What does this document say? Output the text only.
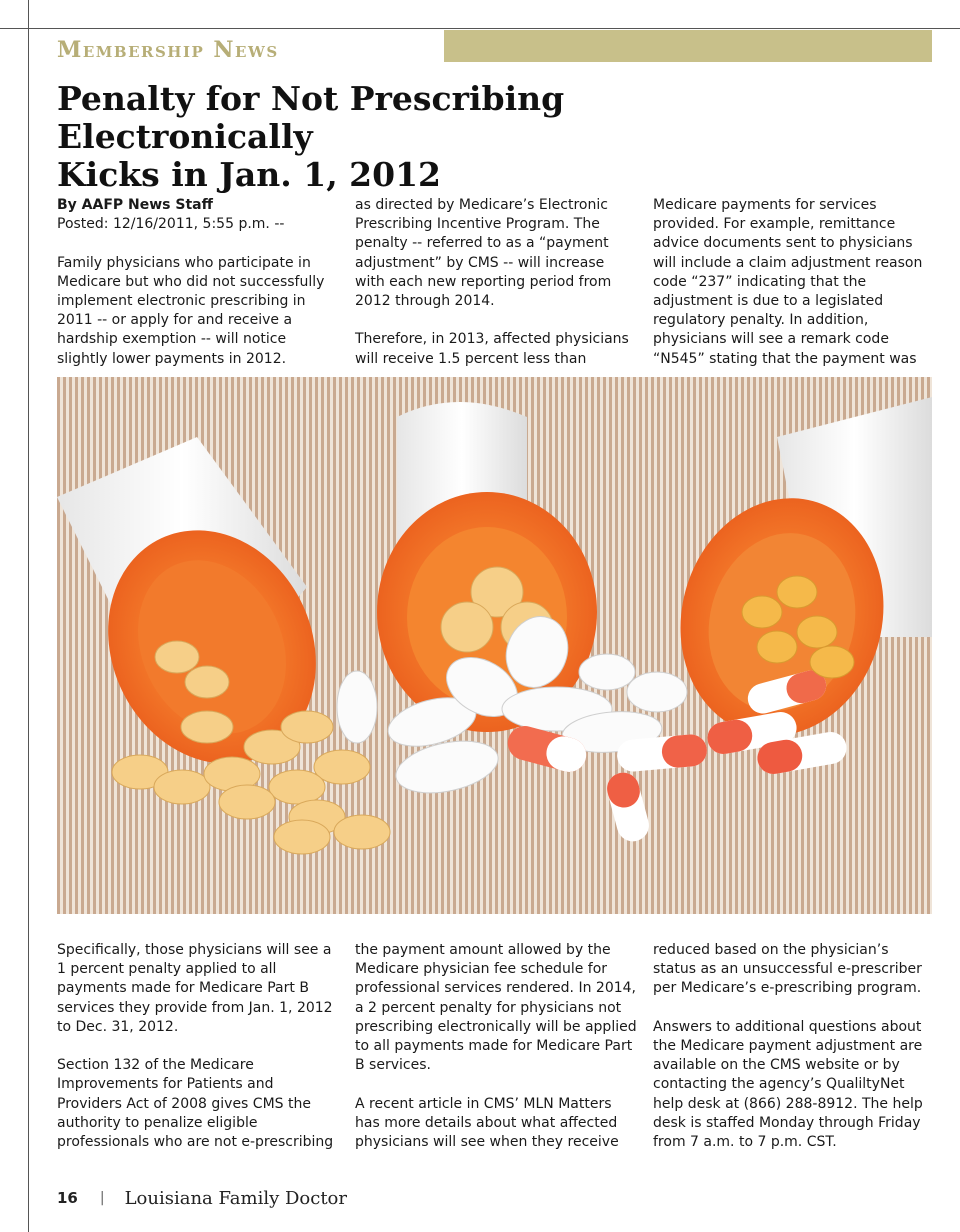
Membership News
Penalty for Not Prescribing Electronically
Kicks in Jan. 1, 2012

By AAFP News Staff
Posted: 12/16/2011, 5:55 p.m. --

Family physicians who participate in Medicare but who did not successfully implement electronic prescribing in 2011 -- or apply for and receive a hardship exemption -- will notice slightly lower payments in 2012.

as directed by Medicare’s Electronic Prescribing Incentive Program. The penalty -- referred to as a “payment adjustment” by CMS -- will increase with each new reporting period from 2012 through 2014.

Therefore, in 2013, affected physicians will receive 1.5 percent less than

Medicare payments for services provided. For example, remittance advice documents sent to physicians will include a claim adjustment reason code “237” indicating that the adjustment is due to a legislated regulatory penalty. In addition, physicians will see a remark code “N545” stating that the payment was

Specifically, those physicians will see a 1 percent penalty applied to all payments made for Medicare Part B services they provide from Jan. 1, 2012 to Dec. 31, 2012.

Section 132 of the Medicare Improvements for Patients and Providers Act of 2008 gives CMS the authority to penalize eligible professionals who are not e-prescribing

the payment amount allowed by the Medicare physician fee schedule for professional services rendered. In 2014, a 2 percent penalty for physicians not prescribing electronically will be applied to all payments made for Medicare Part B services.

A recent article in CMS’ MLN Matters has more details about what affected physicians will see when they receive

reduced based on the physician’s status as an unsuccessful e-prescriber per Medicare’s e-prescribing program.

Answers to additional questions about the Medicare payment adjustment are available on the CMS website or by contacting the agency’s QualiltyNet help desk at (866) 288-8912. The help desk is staffed Monday through Friday from 7 a.m. to 7 p.m. CST.

16 | Louisiana Family Doctor
